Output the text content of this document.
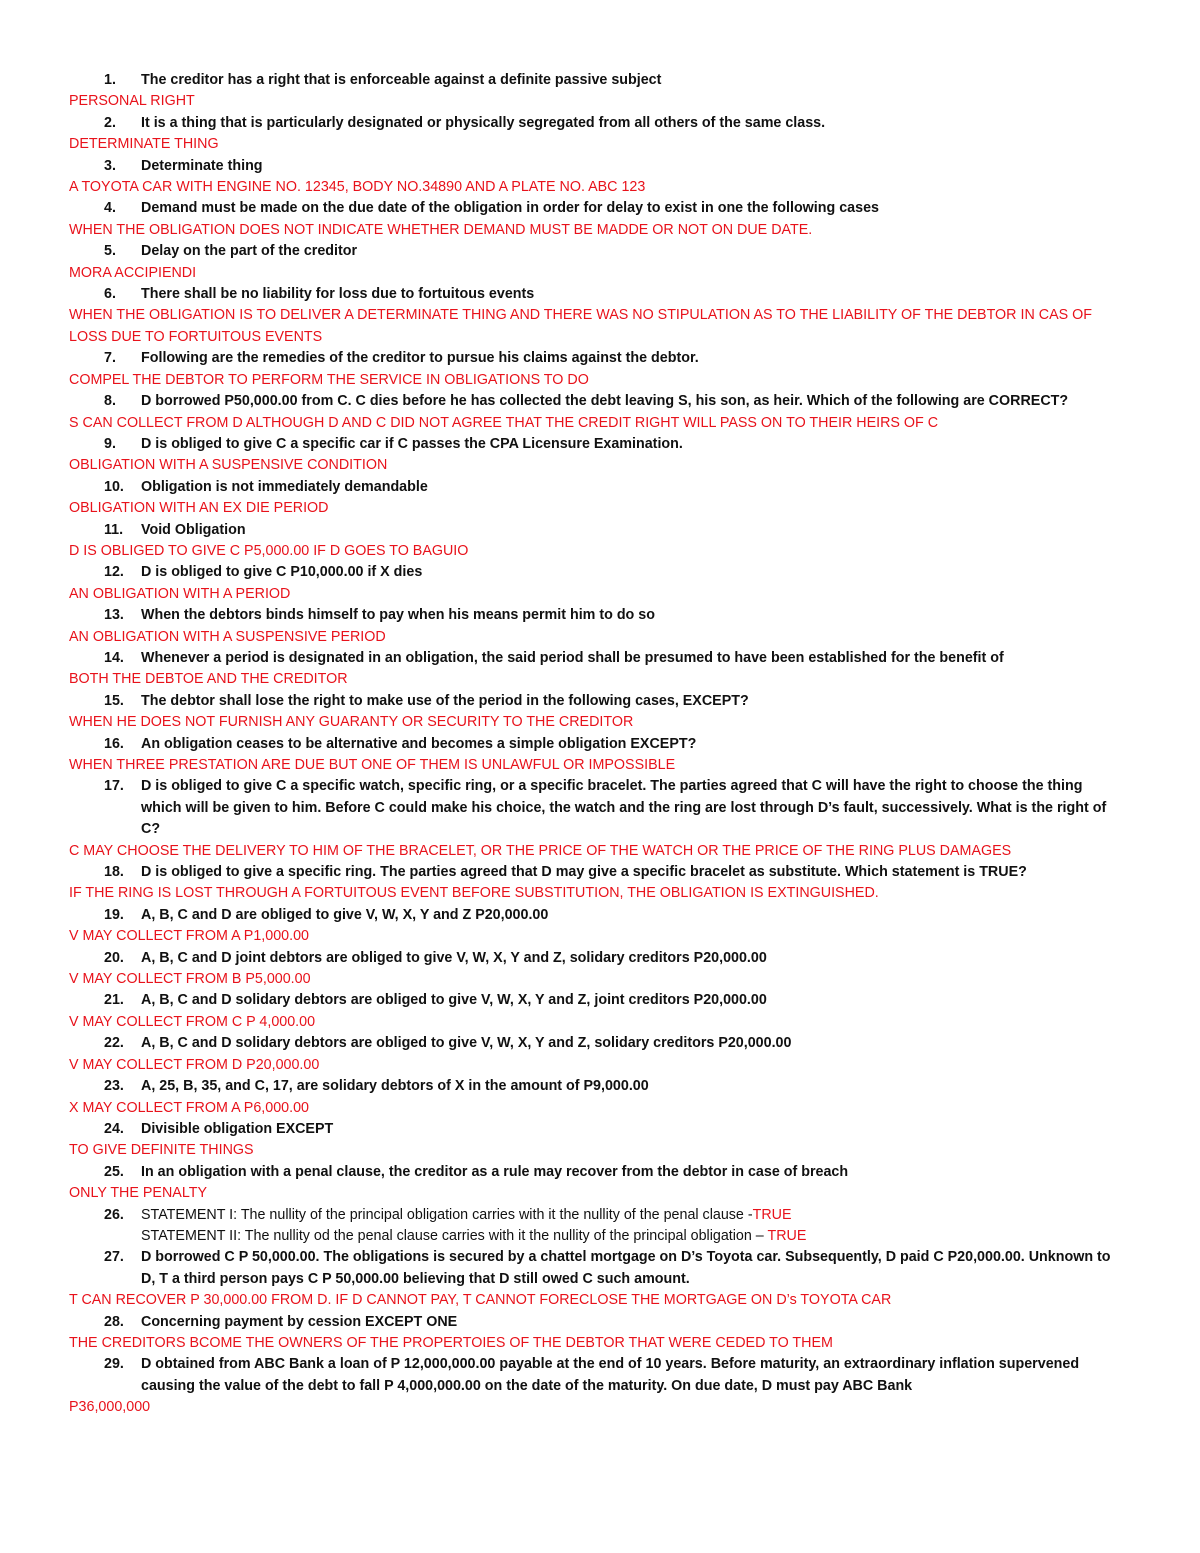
1.	The creditor has a right that is enforceable against a definite passive subject
PERSONAL RIGHT
2.	It is a thing that is particularly designated or physically segregated from all others of the same class.
DETERMINATE THING
3.	Determinate thing
A TOYOTA CAR WITH ENGINE NO. 12345, BODY NO.34890 AND A PLATE NO. ABC 123
4.	Demand must be made on the due date of the obligation in order for delay to exist in one the following cases
WHEN THE OBLIGATION DOES NOT INDICATE WHETHER DEMAND MUST BE MADDE OR NOT ON DUE DATE.
5.	Delay on the part of the creditor
MORA ACCIPIENDI
6.	There shall be no liability for loss due to fortuitous events
WHEN THE OBLIGATION IS TO DELIVER A DETERMINATE THING AND THERE WAS NO STIPULATION AS TO THE LIABILITY OF THE DEBTOR IN CAS OF LOSS DUE TO FORTUITOUS EVENTS
7.	Following are the remedies of the creditor to pursue his claims against the debtor.
COMPEL THE DEBTOR TO PERFORM THE SERVICE IN OBLIGATIONS TO DO
8.	D borrowed P50,000.00 from C. C dies before he has collected the debt leaving S, his son, as heir. Which of the following are CORRECT?
S CAN COLLECT FROM D ALTHOUGH D AND C DID NOT AGREE THAT THE CREDIT RIGHT WILL PASS ON TO THEIR HEIRS OF C
9.	D is obliged to give C a specific car if C passes the CPA Licensure Examination.
OBLIGATION WITH A SUSPENSIVE CONDITION
10.	Obligation is not immediately demandable
OBLIGATION WITH AN EX DIE PERIOD
11.	Void Obligation
D IS OBLIGED TO GIVE C P5,000.00 IF D GOES TO BAGUIO
12.	D is obliged to give C P10,000.00 if X dies
AN OBLIGATION WITH A PERIOD
13.	When the debtors binds himself to pay when his means permit him to do so
AN OBLIGATION WITH A SUSPENSIVE PERIOD
14.	Whenever a period is designated in an obligation, the said period shall be presumed to have been established for the benefit of
BOTH THE DEBTOE AND THE CREDITOR
15.	The debtor shall lose the right to make use of the period in the following cases, EXCEPT?
WHEN HE DOES NOT FURNISH ANY GUARANTY OR SECURITY TO THE CREDITOR
16.	An obligation ceases to be alternative and becomes a simple obligation EXCEPT?
WHEN THREE PRESTATION ARE DUE BUT ONE OF THEM IS UNLAWFUL OR IMPOSSIBLE
17.	D is obliged to give C a specific watch, specific ring, or a specific bracelet. The parties agreed that C will have the right to choose the thing which will be given to him. Before C could make his choice, the watch and the ring are lost through D’s fault, successively. What is the right of C?
C MAY CHOOSE THE DELIVERY TO HIM OF THE BRACELET, OR THE PRICE OF THE WATCH OR THE PRICE OF THE RING PLUS DAMAGES
18.	D is obliged to give a specific ring. The parties agreed that D may give a specific bracelet as substitute. Which statement is TRUE?
IF THE RING IS LOST THROUGH A FORTUITOUS EVENT BEFORE SUBSTITUTION, THE OBLIGATION IS EXTINGUISHED.
19.	A, B, C and D are obliged to give V, W, X, Y and Z P20,000.00
V MAY COLLECT FROM A P1,000.00
20.	A, B, C and D joint debtors are obliged to give V, W, X, Y and Z, solidary creditors P20,000.00
V MAY COLLECT FROM B P5,000.00
21.	A, B, C and D solidary debtors are obliged to give V, W, X, Y and Z, joint creditors P20,000.00
V MAY COLLECT FROM C P 4,000.00
22.	A, B, C and D solidary debtors are obliged to give V, W, X, Y and Z, solidary creditors P20,000.00
V MAY COLLECT FROM D P20,000.00
23.	A, 25, B, 35, and C, 17, are solidary debtors of X in the amount of P9,000.00
X MAY COLLECT FROM A P6,000.00
24.	Divisible obligation EXCEPT
TO GIVE DEFINITE THINGS
25.	In an obligation with a penal clause, the creditor as a rule may recover from the debtor in case of breach
ONLY THE PENALTY
26.	STATEMENT I: The nullity of the principal obligation carries with it the nullity of the penal clause -TRUE
STATEMENT II: The nullity od the penal clause carries with it the nullity of the principal obligation – TRUE
27.	D borrowed C P 50,000.00. The obligations is secured by a chattel mortgage on D’s Toyota car. Subsequently, D paid C P20,000.00. Unknown to D, T a third person pays C P 50,000.00 believing that D still owed C such amount.
T CAN RECOVER P 30,000.00 FROM D. IF D CANNOT PAY, T CANNOT FORECLOSE THE MORTGAGE ON D’s TOYOTA CAR
28.	Concerning payment by cession EXCEPT ONE
THE CREDITORS BCOME THE OWNERS OF THE PROPERTOIES OF THE DEBTOR THAT WERE CEDED TO THEM
29.	D obtained from ABC Bank a loan of P 12,000,000.00 payable at the end of 10 years. Before maturity, an extraordinary inflation supervened causing the value of the debt to fall P 4,000,000.00 on the date of the maturity. On due date, D must pay ABC Bank
P36,000,000
